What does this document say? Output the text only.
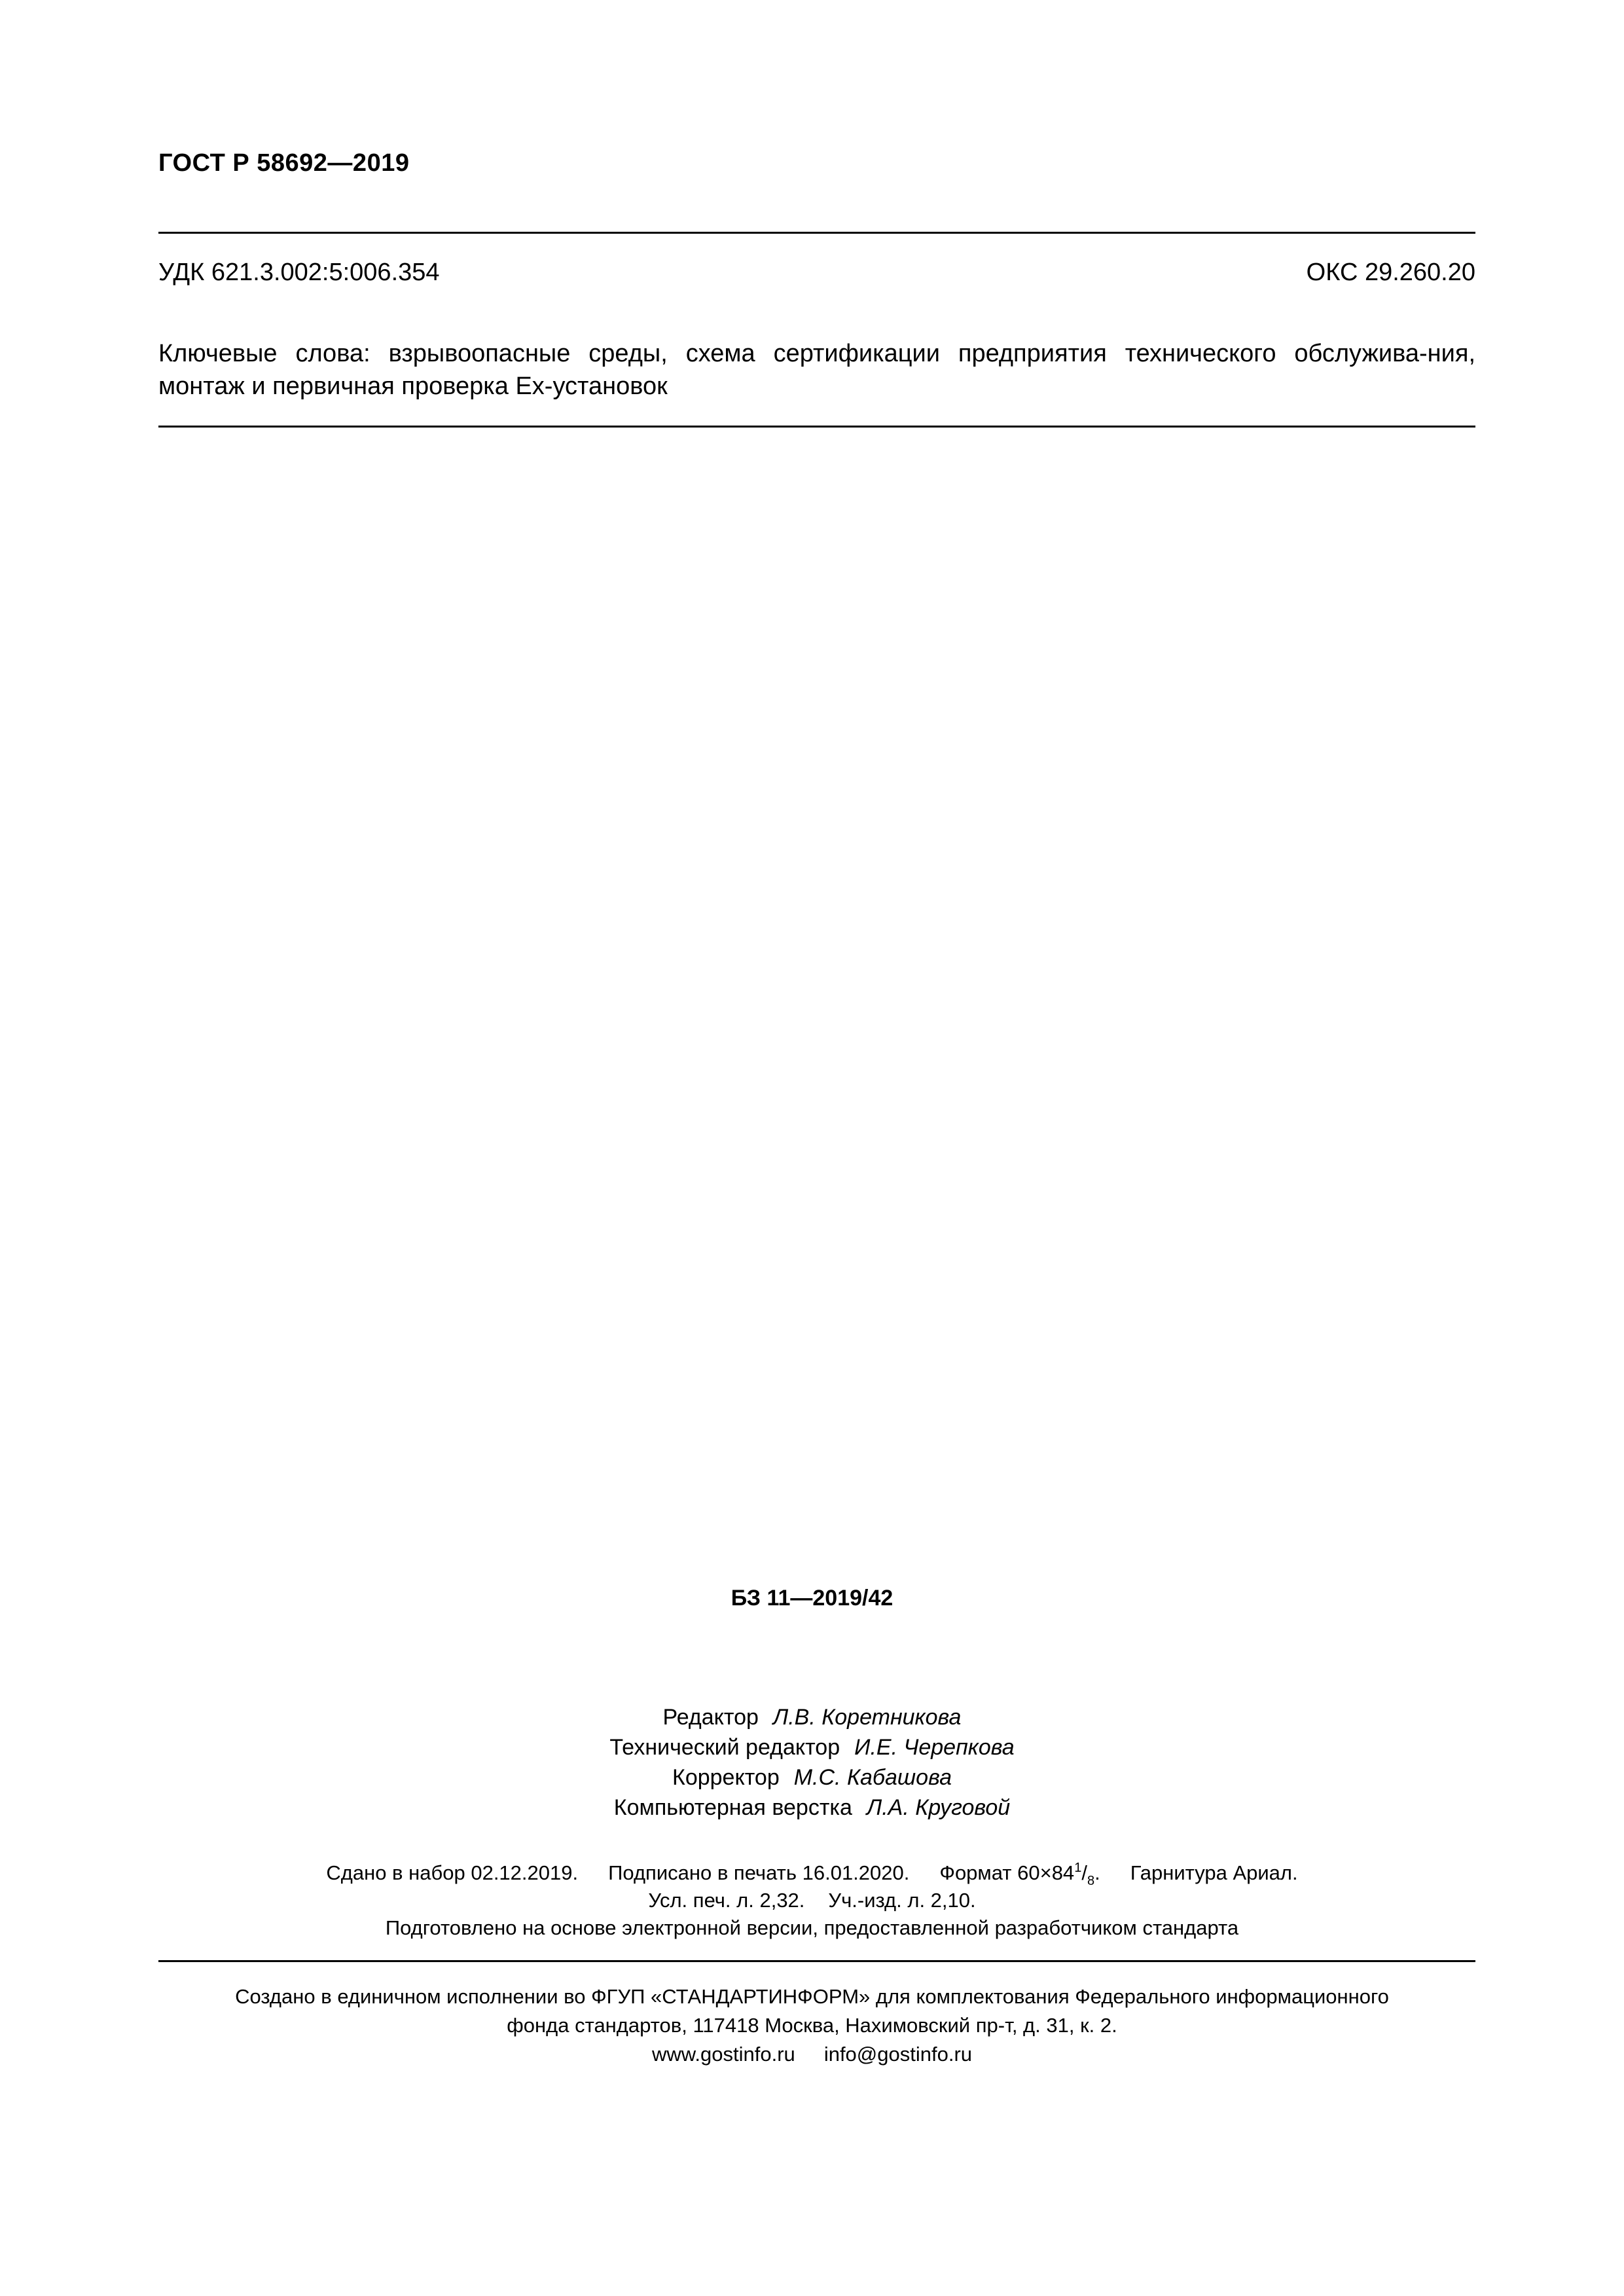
ГОСТ Р 58692—2019
УДК 621.3.002:5:006.354	ОКС 29.260.20
Ключевые слова: взрывоопасные среды, схема сертификации предприятия технического обслужива-ния, монтаж и первичная проверка Ex-установок
БЗ 11—2019/42
Редактор Л.В. Коретникова
Технический редактор И.Е. Черепкова
Корректор М.С. Кабашова
Компьютерная верстка Л.А. Круговой
Сдано в набор 02.12.2019. Подписано в печать 16.01.2020. Формат $60\times 84^1/_8$. Гарнитура Ариал.
Усл. печ. л. 2,32. Уч.-изд. л. 2,10.
Подготовлено на основе электронной версии, предоставленной разработчиком стандарта
Создано в единичном исполнении во ФГУП «СТАНДАРТИНФОРМ» для комплектования Федерального информационного
фонда стандартов, 117418 Москва, Нахимовский пр-т, д. 31, к. 2.
www.gostinfo.ru info@gostinfo.ru
